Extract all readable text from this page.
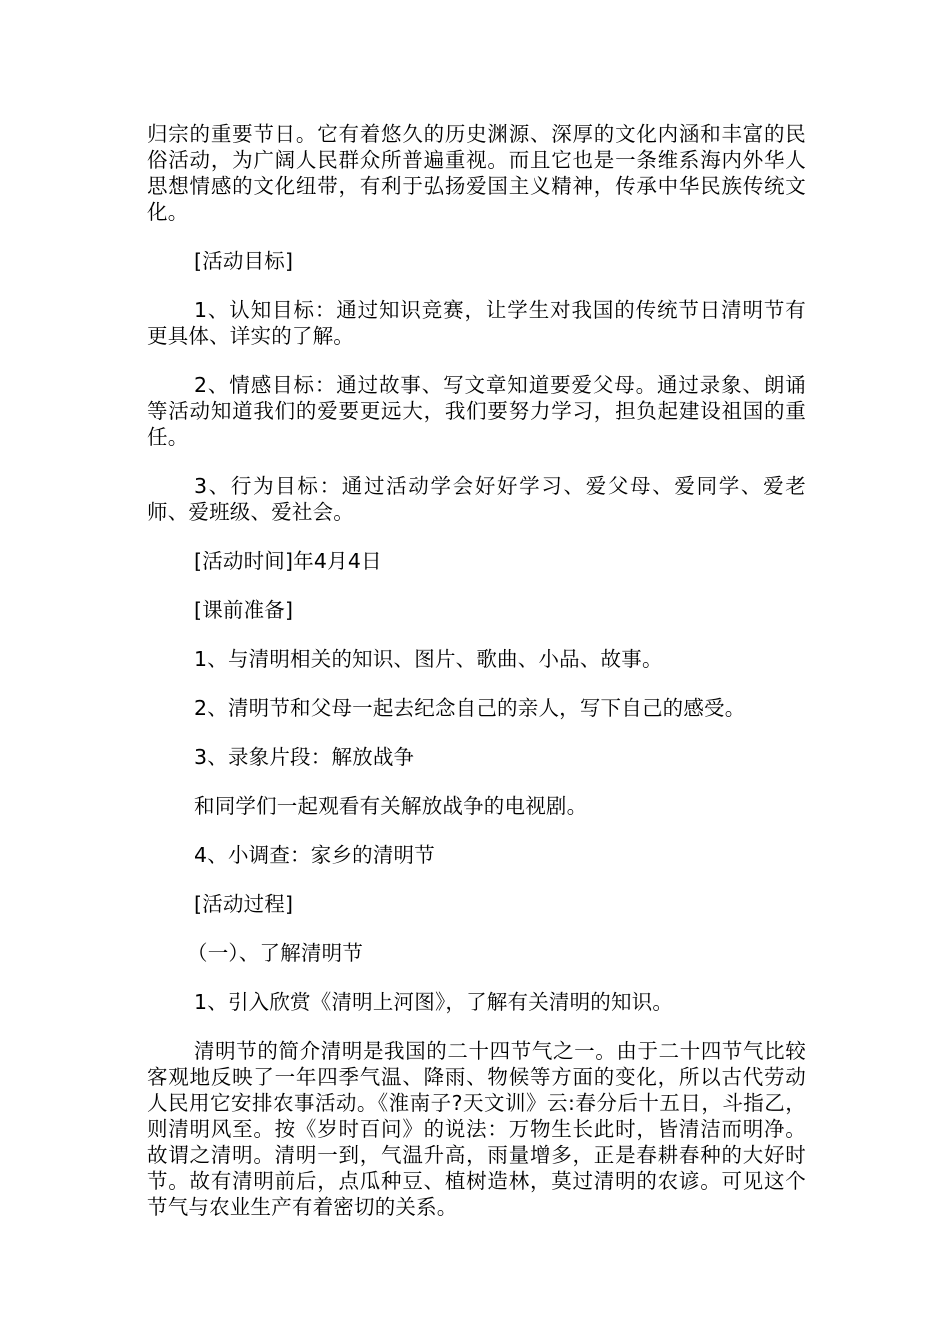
归宗的重要节日。它有着悠久的历史渊源、深厚的文化内涵和丰富的民俗活动，为广阔人民群众所普遍重视。而且它也是一条维系海内外华人思想情感的文化纽带，有利于弘扬爱国主义精神，传承中华民族传统文化。

[活动目标]

1、认知目标：通过知识竞赛，让学生对我国的传统节日清明节有更具体、详实的了解。

2、情感目标：通过故事、写文章知道要爱父母。通过录象、朗诵等活动知道我们的爱要更远大，我们要努力学习，担负起建设祖国的重任。

3、行为目标：通过活动学会好好学习、爱父母、爱同学、爱老师、爱班级、爱社会。

[活动时间]年4月4日

[课前准备]

1、与清明相关的知识、图片、歌曲、小品、故事。

2、清明节和父母一起去纪念自己的亲人，写下自己的感受。

3、录象片段：解放战争

和同学们一起观看有关解放战争的电视剧。

4、小调查：家乡的清明节

[活动过程]

（一）、了解清明节

1、引入欣赏《清明上河图》，了解有关清明的知识。

清明节的简介清明是我国的二十四节气之一。由于二十四节气比较客观地反映了一年四季气温、降雨、物候等方面的变化，所以古代劳动人民用它安排农事活动。《淮南子?天文训》云:春分后十五日，斗指乙，则清明风至。按《岁时百问》的说法：万物生长此时，皆清洁而明净。故谓之清明。清明一到，气温升高，雨量增多，正是春耕春种的大好时节。故有清明前后，点瓜种豆、植树造林，莫过清明的农谚。可见这个节气与农业生产有着密切的关系。
